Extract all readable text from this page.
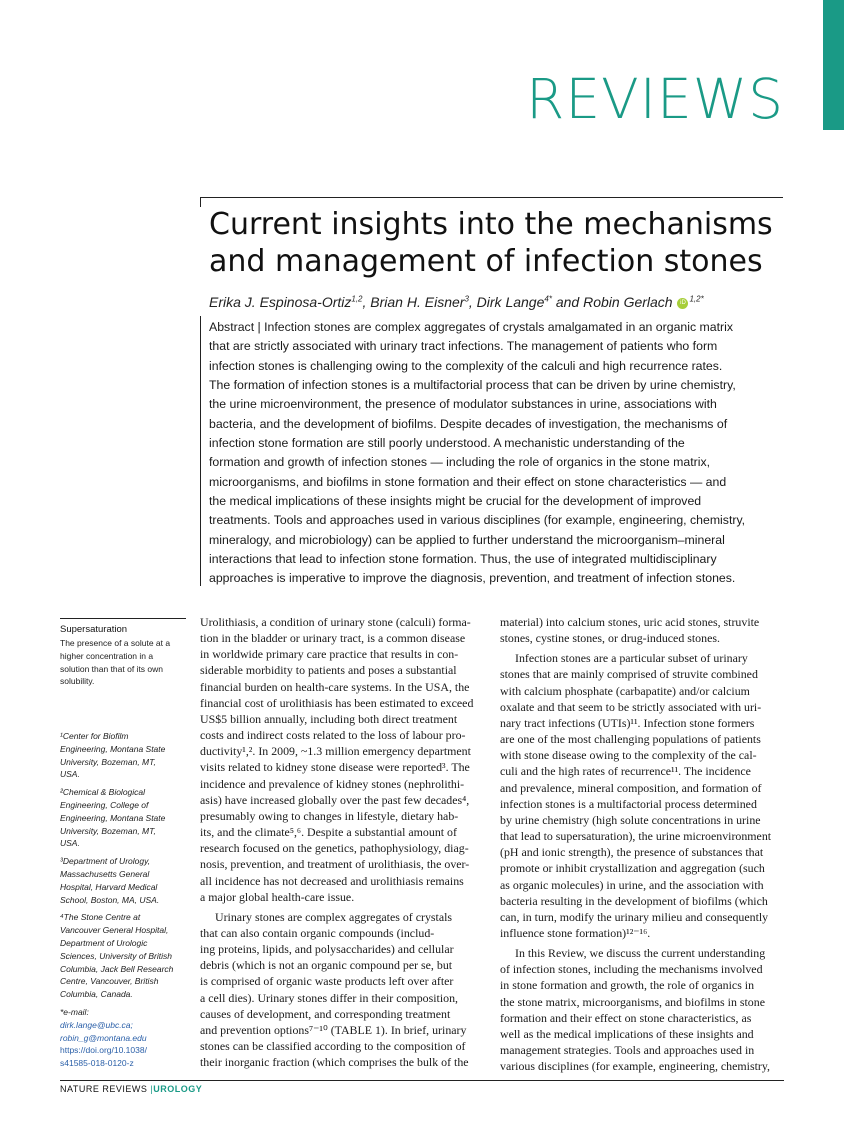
REVIEWS
Current insights into the mechanisms
and management of infection stones
Erika J. Espinosa-Ortiz$^{1,2}$, Brian H. Eisner$^3$, Dirk Lange$^{4*}$ and Robin Gerlach iD $^{1,2*}$
Abstract | Infection stones are complex aggregates of crystals amalgamated in an organic matrix
that are strictly associated with urinary tract infections. The management of patients who form
infection stones is challenging owing to the complexity of the calculi and high recurrence rates.
The formation of infection stones is a multifactorial process that can be driven by urine chemistry,
the urine microenvironment, the presence of modulator substances in urine, associations with
bacteria, and the development of biofilms. Despite decades of investigation, the mechanisms of
infection stone formation are still poorly understood. A mechanistic understanding of the
formation and growth of infection stones — including the role of organics in the stone matrix,
microorganisms, and biofilms in stone formation and their effect on stone characteristics — and
the medical implications of these insights might be crucial for the development of improved
treatments. Tools and approaches used in various disciplines (for example, engineering, chemistry,
mineralogy, and microbiology) can be applied to further understand the microorganism–mineral
interactions that lead to infection stone formation. Thus, the use of integrated multidisciplinary
approaches is imperative to improve the diagnosis, prevention, and treatment of infection stones.
Supersaturation
The presence of a solute at a
higher concentration in a
solution than that of its own
solubility.
¹Center for Biofilm
Engineering, Montana State
University, Bozeman, MT,
USA.
²Chemical & Biological
Engineering, College of
Engineering, Montana State
University, Bozeman, MT,
USA.
³Department of Urology,
Massachusetts General
Hospital, Harvard Medical
School, Boston, MA, USA.
⁴The Stone Centre at
Vancouver General Hospital,
Department of Urologic
Sciences, University of British
Columbia, Jack Bell Research
Centre, Vancouver, British
Columbia, Canada.
*e-mail:
dirk.lange@ubc.ca;
robin_g@montana.edu
https://doi.org/10.1038/
s41585-018-0120-z
Urolithiasis, a condition of urinary stone (calculi) forma-
tion in the bladder or urinary tract, is a common disease
in worldwide primary care practice that results in con-
siderable morbidity to patients and poses a substantial
financial burden on health-care systems. In the USA, the
financial cost of urolithiasis has been estimated to exceed
US$5 billion annually, including both direct treatment
costs and indirect costs related to the loss of labour pro-
ductivity¹,². In 2009, ~1.3 million emergency department
visits related to kidney stone disease were reported³. The
incidence and prevalence of kidney stones (nephrolithi-
asis) have increased globally over the past few decades⁴,
presumably owing to changes in lifestyle, dietary hab-
its, and the climate⁵,⁶. Despite a substantial amount of
research focused on the genetics, pathophysiology, diag-
nosis, prevention, and treatment of urolithiasis, the over-
all incidence has not decreased and urolithiasis remains
a major global health-care issue.
Urinary stones are complex aggregates of crystals
that can also contain organic compounds (includ-
ing proteins, lipids, and polysaccharides) and cellular
debris (which is not an organic compound per se, but
is comprised of organic waste products left over after
a cell dies). Urinary stones differ in their composition,
causes of development, and corresponding treatment
and prevention options⁷⁻¹⁰ (TABLE 1). In brief, urinary
stones can be classified according to the composition of
their inorganic fraction (which comprises the bulk of the
material) into calcium stones, uric acid stones, struvite
stones, cystine stones, or drug-induced stones.
Infection stones are a particular subset of urinary
stones that are mainly comprised of struvite combined
with calcium phosphate (carbapatite) and/or calcium
oxalate and that seem to be strictly associated with uri-
nary tract infections (UTIs)¹¹. Infection stone formers
are one of the most challenging populations of patients
with stone disease owing to the complexity of the cal-
culi and the high rates of recurrence¹¹. The incidence
and prevalence, mineral composition, and formation of
infection stones is a multifactorial process determined
by urine chemistry (high solute concentrations in urine
that lead to supersaturation), the urine microenvironment
(pH and ionic strength), the presence of substances that
promote or inhibit crystallization and aggregation (such
as organic molecules) in urine, and the association with
bacteria resulting in the development of biofilms (which
can, in turn, modify the urinary milieu and consequently
influence stone formation)¹²⁻¹⁶.
In this Review, we discuss the current understanding
of infection stones, including the mechanisms involved
in stone formation and growth, the role of organics in
the stone matrix, microorganisms, and biofilms in stone
formation and their effect on stone characteristics, as
well as the medical implications of these insights and
management strategies. Tools and approaches used in
various disciplines (for example, engineering, chemistry,
NATURE REVIEWS |UROLOGY
